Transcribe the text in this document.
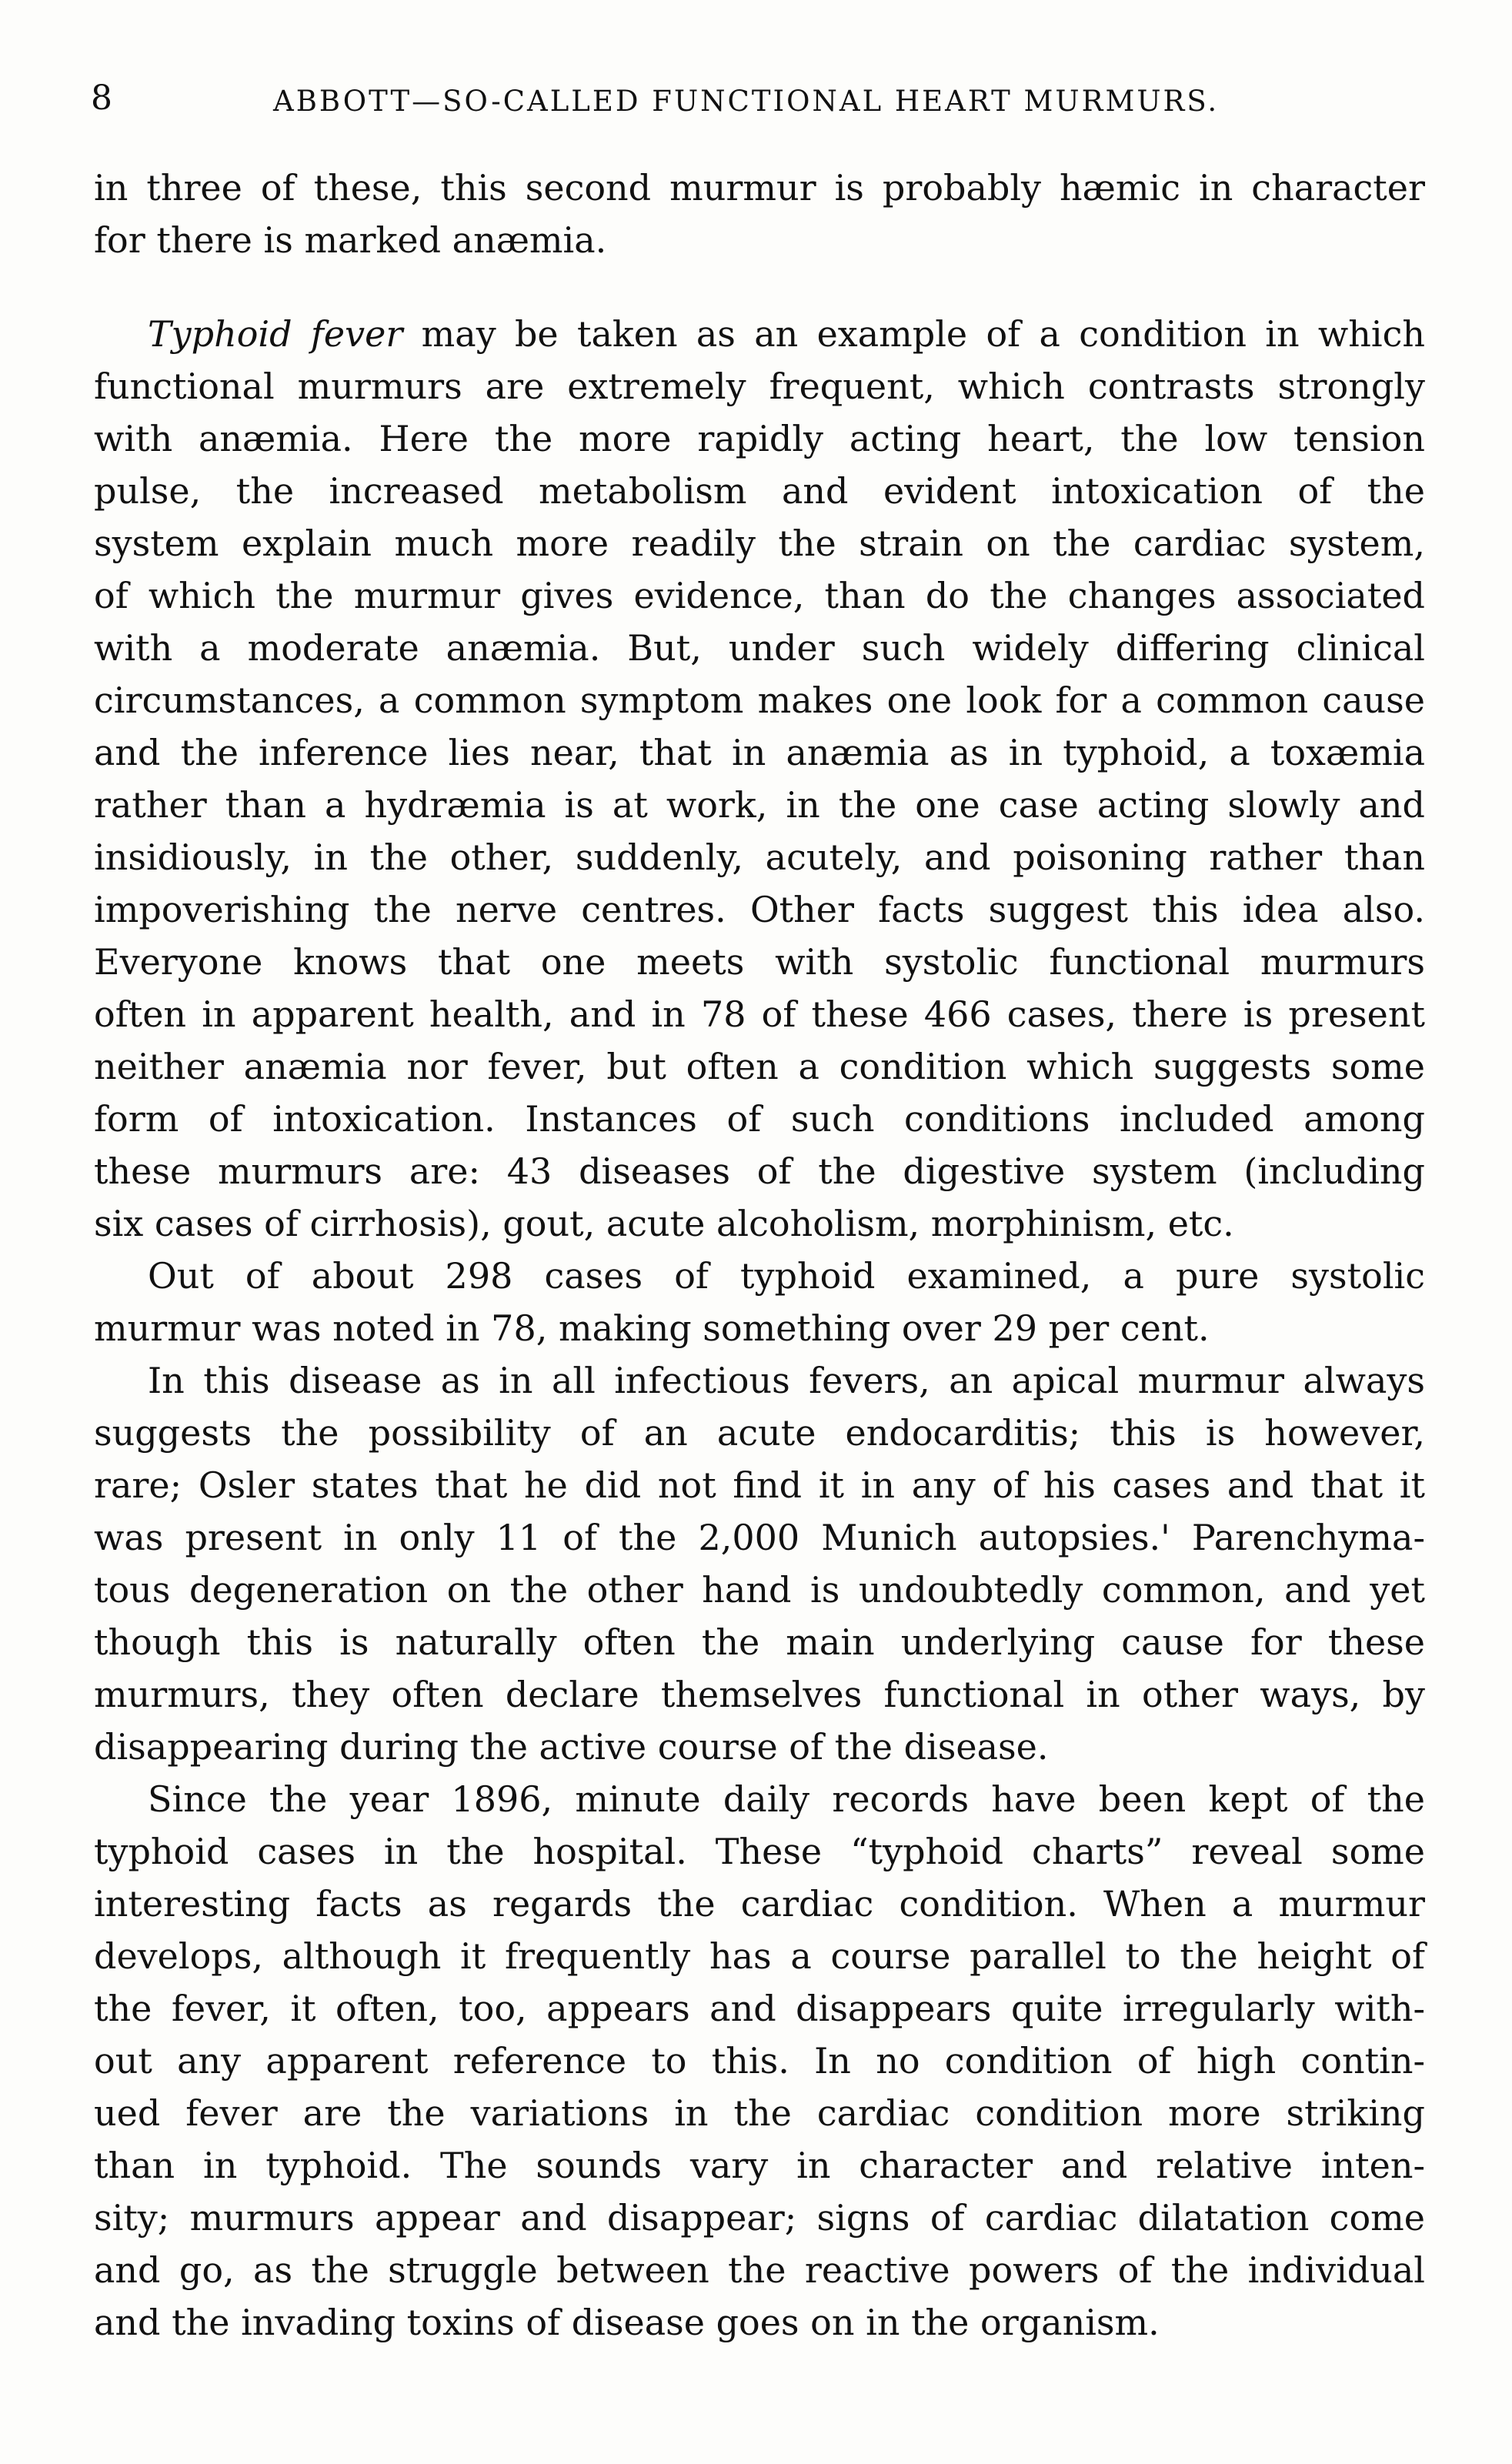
8	ABBOTT—SO-CALLED FUNCTIONAL HEART MURMURS.
in three of these, this second murmur is probably hæmic in character
for there is marked anæmia.
Typhoid fever may be taken as an example of a condition in which
functional murmurs are extremely frequent, which contrasts strongly
with anæmia. Here the more rapidly acting heart, the low tension
pulse, the increased metabolism and evident intoxication of the
system explain much more readily the strain on the cardiac system,
of which the murmur gives evidence, than do the changes associated
with a moderate anæmia. But, under such widely differing clinical
circumstances, a common symptom makes one look for a common cause
and the inference lies near, that in anæmia as in typhoid, a toxæmia
rather than a hydræmia is at work, in the one case acting slowly and
insidiously, in the other, suddenly, acutely, and poisoning rather than
impoverishing the nerve centres. Other facts suggest this idea also.
Everyone knows that one meets with systolic functional murmurs
often in apparent health, and in 78 of these 466 cases, there is present
neither anæmia nor fever, but often a condition which suggests some
form of intoxication. Instances of such conditions included among
these murmurs are: 43 diseases of the digestive system (including
six cases of cirrhosis), gout, acute alcoholism, morphinism, etc.
Out of about 298 cases of typhoid examined, a pure systolic
murmur was noted in 78, making something over 29 per cent.
In this disease as in all infectious fevers, an apical murmur always
suggests the possibility of an acute endocarditis; this is however,
rare; Osler states that he did not find it in any of his cases and that it
was present in only 11 of the 2,000 Munich autopsies.' Parenchyma-
tous degeneration on the other hand is undoubtedly common, and yet
though this is naturally often the main underlying cause for these
murmurs, they often declare themselves functional in other ways, by
disappearing during the active course of the disease.
Since the year 1896, minute daily records have been kept of the
typhoid cases in the hospital. These “typhoid charts” reveal some
interesting facts as regards the cardiac condition. When a murmur
develops, although it frequently has a course parallel to the height of
the fever, it often, too, appears and disappears quite irregularly with-
out any apparent reference to this. In no condition of high contin-
ued fever are the variations in the cardiac condition more striking
than in typhoid. The sounds vary in character and relative inten-
sity; murmurs appear and disappear; signs of cardiac dilatation come
and go, as the struggle between the reactive powers of the individual
and the invading toxins of disease goes on in the organism.
